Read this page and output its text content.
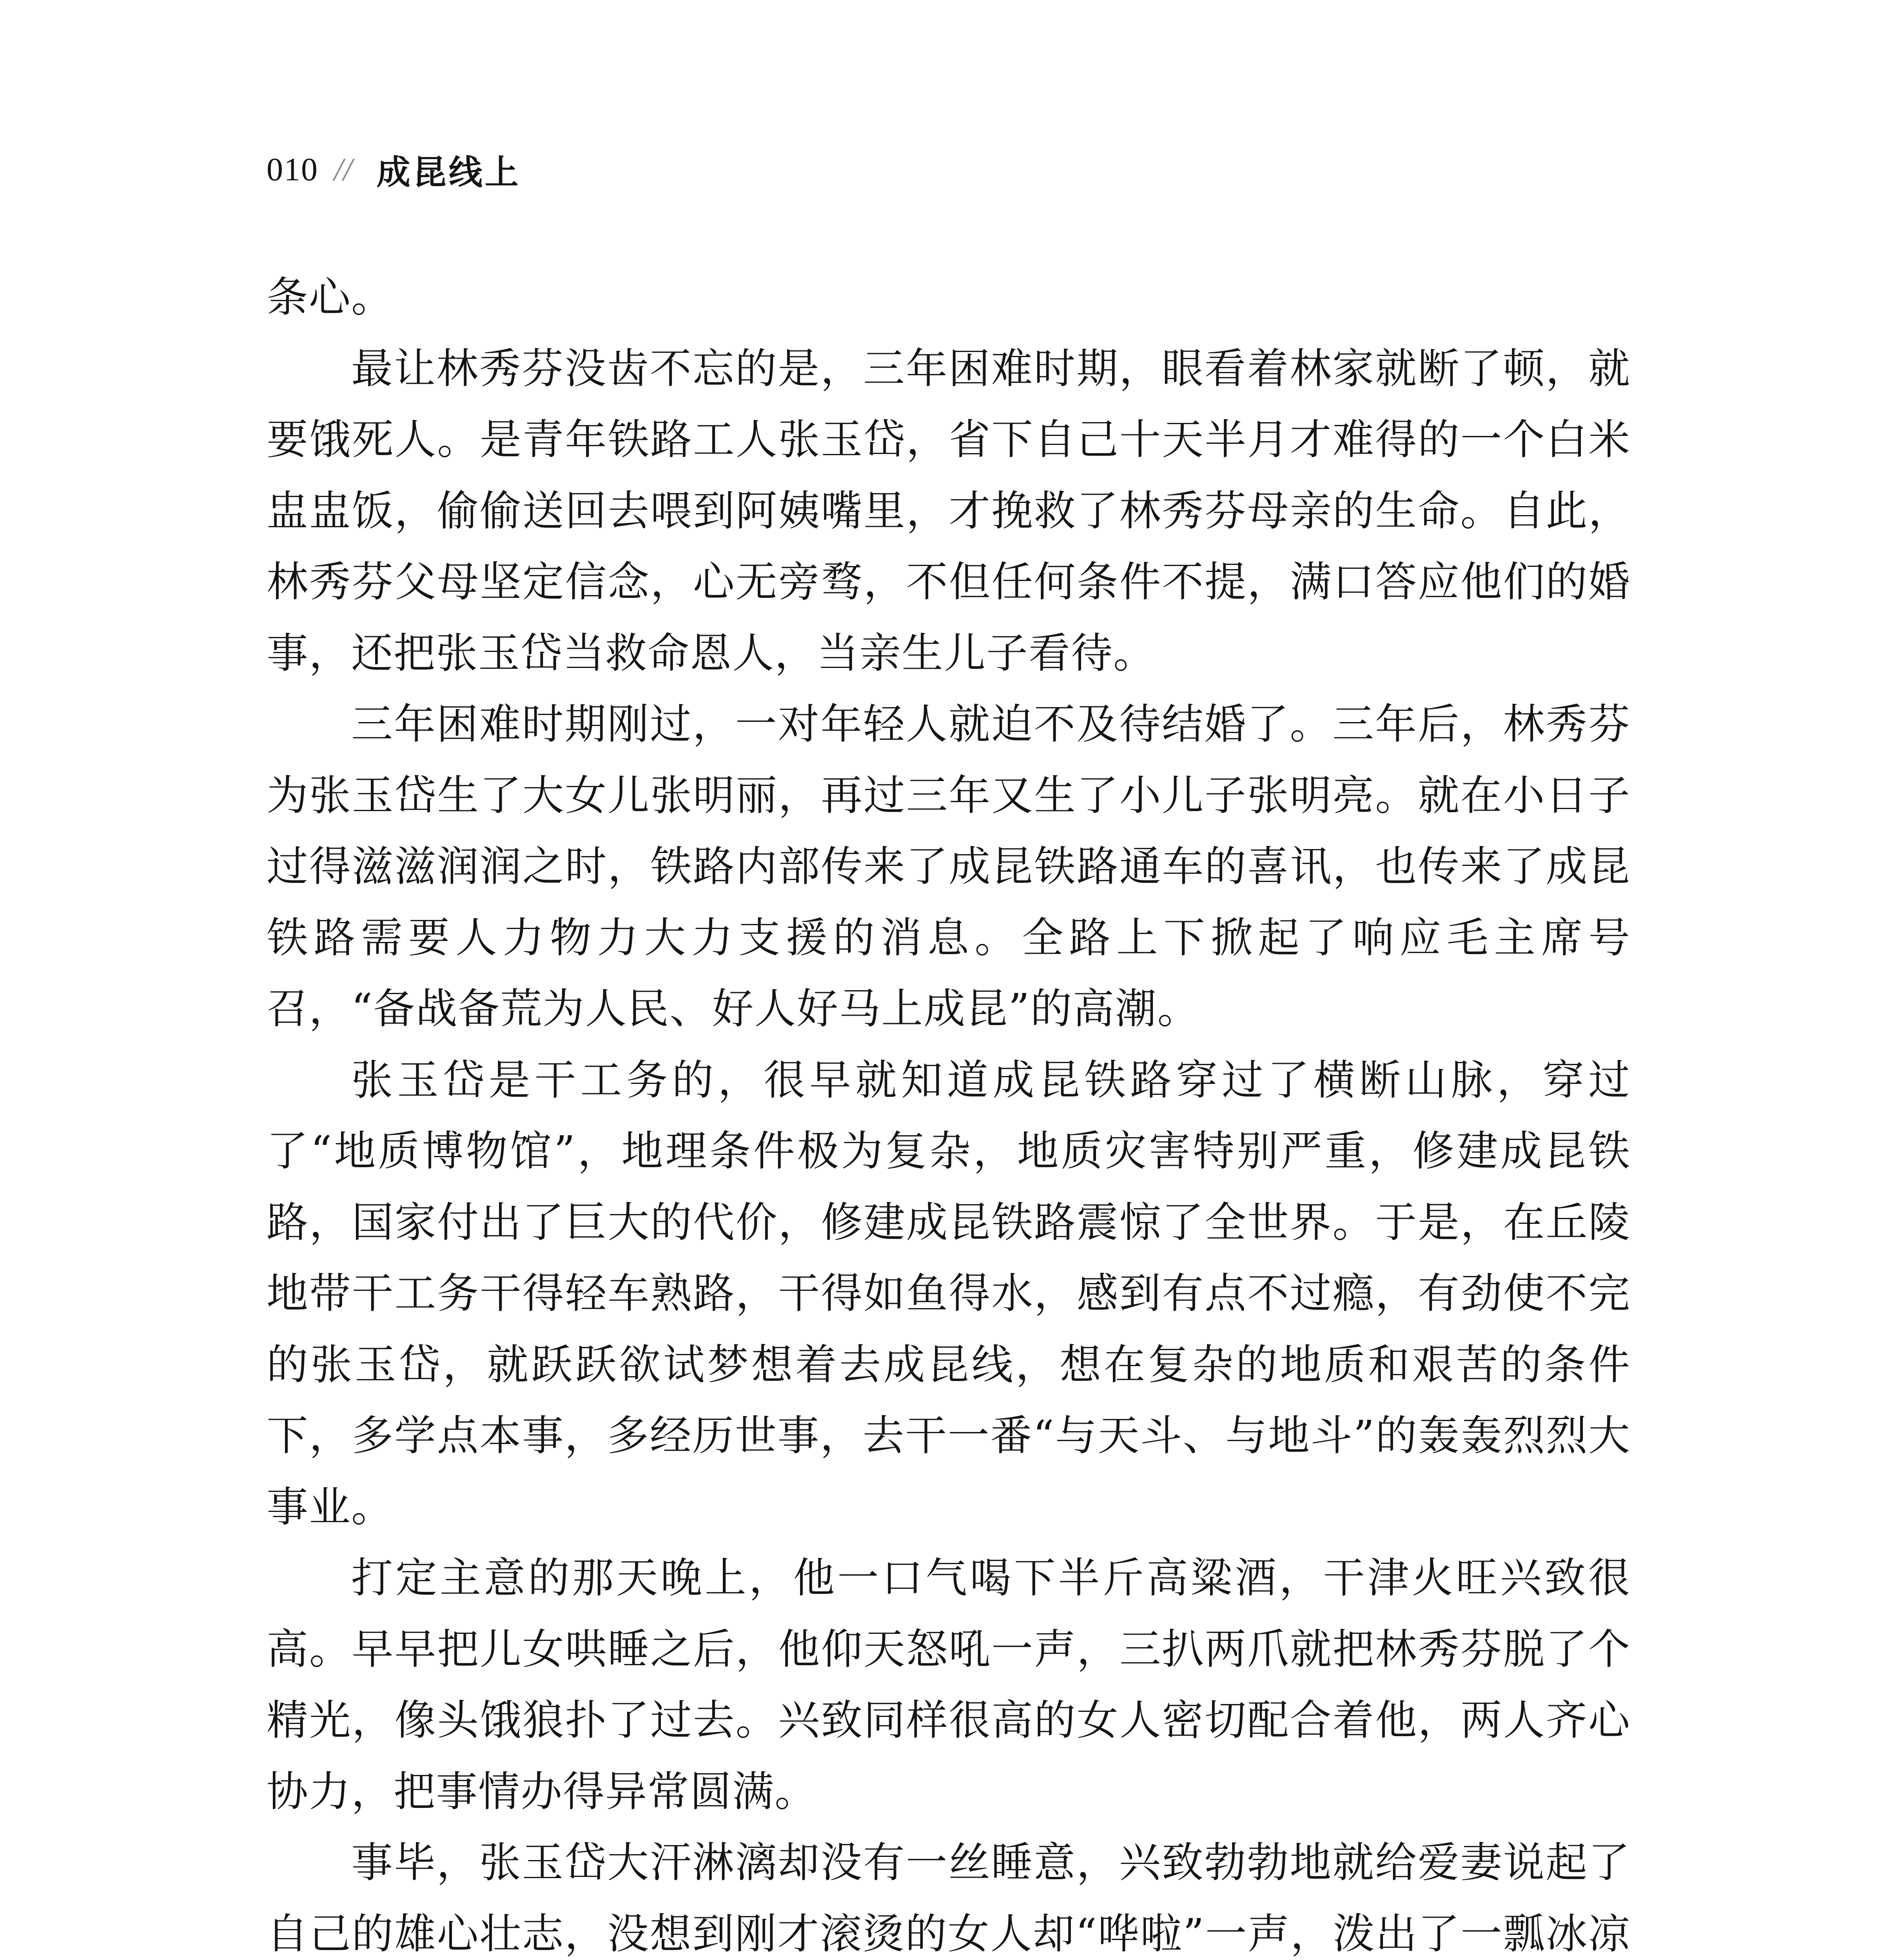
010 // 成昆线上

条心。

最让林秀芬没齿不忘的是，三年困难时期，眼看着林家就断了顿，就要饿死人。是青年铁路工人张玉岱，省下自己十天半月才难得的一个白米盅盅饭，偷偷送回去喂到阿姨嘴里，才挽救了林秀芬母亲的生命。自此，林秀芬父母坚定信念，心无旁骛，不但任何条件不提，满口答应他们的婚事，还把张玉岱当救命恩人，当亲生儿子看待。

三年困难时期刚过，一对年轻人就迫不及待结婚了。三年后，林秀芬为张玉岱生了大女儿张明丽，再过三年又生了小儿子张明亮。就在小日子过得滋滋润润之时，铁路内部传来了成昆铁路通车的喜讯，也传来了成昆铁路需要人力物力大力支援的消息。全路上下掀起了响应毛主席号召，“备战备荒为人民、好人好马上成昆”的高潮。

张玉岱是干工务的，很早就知道成昆铁路穿过了横断山脉，穿过了“地质博物馆”，地理条件极为复杂，地质灾害特别严重，修建成昆铁路，国家付出了巨大的代价，修建成昆铁路震惊了全世界。于是，在丘陵地带干工务干得轻车熟路，干得如鱼得水，感到有点不过瘾，有劲使不完的张玉岱，就跃跃欲试梦想着去成昆线，想在复杂的地质和艰苦的条件下，多学点本事，多经历世事，去干一番“与天斗、与地斗”的轰轰烈烈大事业。

打定主意的那天晚上，他一口气喝下半斤高粱酒，干津火旺兴致很高。早早把儿女哄睡之后，他仰天怒吼一声，三扒两爪就把林秀芬脱了个精光，像头饿狼扑了过去。兴致同样很高的女人密切配合着他，两人齐心协力，把事情办得异常圆满。

事毕，张玉岱大汗淋漓却没有一丝睡意，兴致勃勃地就给爱妻说起了自己的雄心壮志，没想到刚才滚烫的女人却“哗啦”一声，泼出了一瓢冰凉
